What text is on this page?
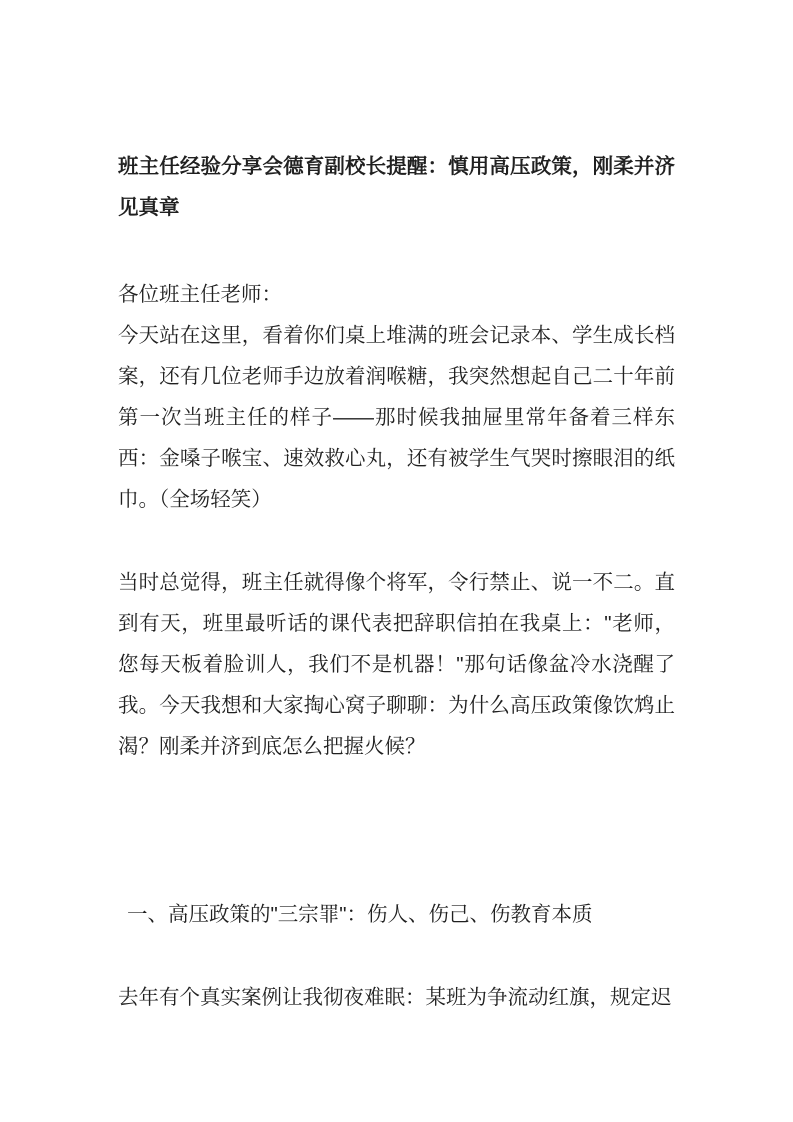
班主任经验分享会德育副校长提醒：慎用高压政策，刚柔并济见真章

各位班主任老师：

今天站在这里，看着你们桌上堆满的班会记录本、学生成长档案，还有几位老师手边放着润喉糖，我突然想起自己二十年前第一次当班主任的样子——那时候我抽屉里常年备着三样东西：金嗓子喉宝、速效救心丸，还有被学生气哭时擦眼泪的纸巾。（全场轻笑）

当时总觉得，班主任就得像个将军，令行禁止、说一不二。直到有天，班里最听话的课代表把辞职信拍在我桌上："老师，您每天板着脸训人，我们不是机器！"那句话像盆冷水浇醒了我。今天我想和大家掏心窝子聊聊：为什么高压政策像饮鸩止渴？刚柔并济到底怎么把握火候？

一、高压政策的"三宗罪"：伤人、伤己、伤教育本质

去年有个真实案例让我彻夜难眠：某班为争流动红旗，规定迟
